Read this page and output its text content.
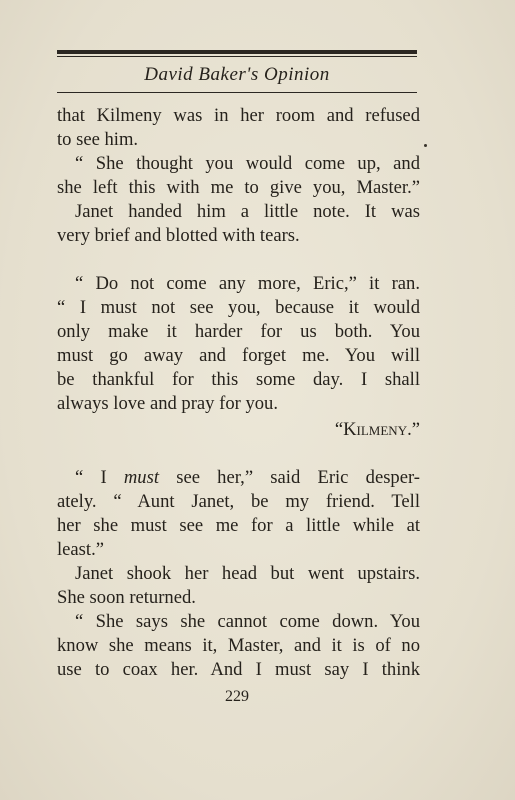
David Baker's Opinion
that Kilmeny was in her room and refused
to see him.
“ She thought you would come up, and
she left this with me to give you, Master.”
Janet handed him a little note. It was
very brief and blotted with tears.
“ Do not come any more, Eric,” it ran.
“ I must not see you, because it would
only make it harder for us both. You
must go away and forget me. You will
be thankful for this some day. I shall
always love and pray for you.
“Kilmeny.”
“ I must see her,” said Eric desper-
ately. “ Aunt Janet, be my friend. Tell
her she must see me for a little while at
least.”
Janet shook her head but went upstairs.
She soon returned.
“ She says she cannot come down. You
know she means it, Master, and it is of no
use to coax her. And I must say I think
229
